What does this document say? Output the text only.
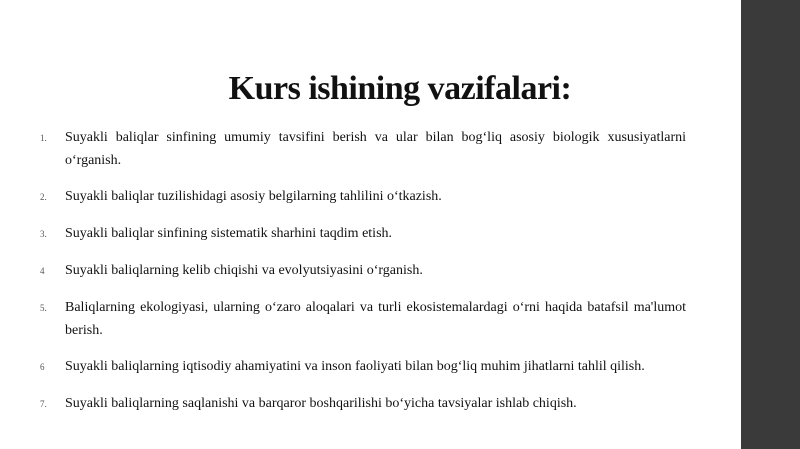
Kurs ishining vazifalari:
1.	Suyakli baliqlar sinfining umumiy tavsifini berish va ular bilan bog‘liq asosiy biologik xususiyatlarni o‘rganish.
2.	Suyakli baliqlar tuzilishidagi asosiy belgilarning tahlilini o‘tkazish.
3.	Suyakli baliqlar sinfining sistematik sharhini taqdim etish.
4	Suyakli baliqlarning kelib chiqishi va evolyutsiyasini o‘rganish.
5.	Baliqlarning ekologiyasi, ularning o‘zaro aloqalari va turli ekosistemalardagi o‘rni haqida batafsil ma'lumot berish.
6	Suyakli baliqlarning iqtisodiy ahamiyatini va inson faoliyati bilan bog‘liq muhim jihatlarni tahlil qilish.
7.	Suyakli baliqlarning saqlanishi va barqaror boshqarilishi bo‘yicha tavsiyalar ishlab chiqish.
